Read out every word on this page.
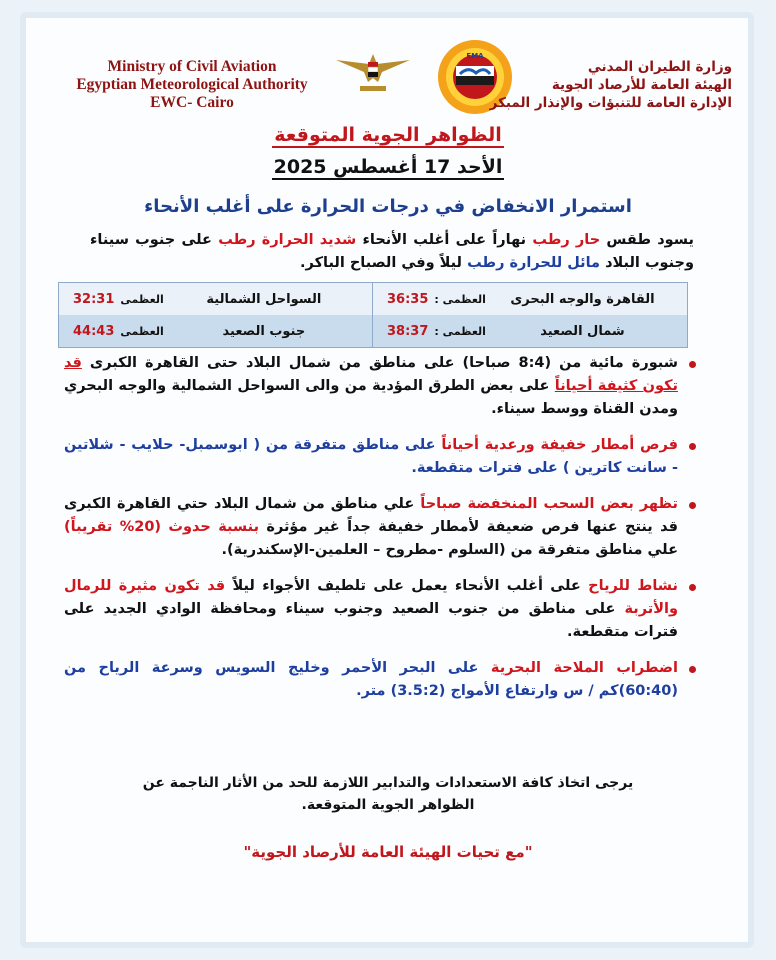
Ministry of Civil Aviation
Egyptian Meteorological Authority
EWC- Cairo
EMA
وزارة الطيران المدني
الهيئة العامة للأرصاد الجوية
الإدارة العامة للتنبؤات والإنذار المبكر
الظواهر الجوية المتوقعة
الأحد 17 أغسطس 2025
استمرار الانخفاض في درجات الحرارة على أغلب الأنحاء
يسود طقس حار رطب نهاراً على أغلب الأنحاء شديد الحرارة رطب على جنوب سيناء وجنوب البلاد مائل للحرارة رطب ليلاً وفي الصباح الباكر.
القاهرة والوجه البحرى
العظمى :
36:35
السواحل الشمالية
العظمى
32:31
شمال الصعيد
العظمى :
38:37
جنوب الصعيد
العظمى
44:43
شبورة مائية من (8:4 صباحا) على مناطق من شمال البلاد حتى القاهرة الكبرى قد تكون كثيفة أحياناً على بعض الطرق المؤدية من والى السواحل الشمالية والوجه البحري ومدن القناة ووسط سيناء.
فرص أمطار خفيفة ورعدية أحياناً على مناطق متفرقة من ( ابوسمبل- حلايب - شلاتين - سانت كاترين ) على فترات متقطعة.
تظهر بعض السحب المنخفضة صباحاً علي مناطق من شمال البلاد حتي القاهرة الكبرى قد ينتج عنها فرص ضعيفة لأمطار خفيفة جداً غير مؤثرة بنسبة حدوث (20% تقريباً) علي مناطق متفرقة من (السلوم -مطروح – العلمين-الإسكندرية).
نشاط للرياح على أغلب الأنحاء يعمل على تلطيف الأجواء ليلاً قد تكون مثيرة للرمال والأتربة على مناطق من جنوب الصعيد وجنوب سيناء ومحافظة الوادي الجديد على فترات متقطعة.
اضطراب الملاحة البحرية على البحر الأحمر وخليج السويس وسرعة الرياح من (60:40)كم / س وارتفاع الأمواج (3.5:2) متر.
يرجى اتخاذ كافة الاستعدادات والتدابير اللازمة للحد من الأثار الناجمة عن
الظواهر الجوية المتوقعة.
"مع تحيات الهيئة العامة للأرصاد الجوية"
